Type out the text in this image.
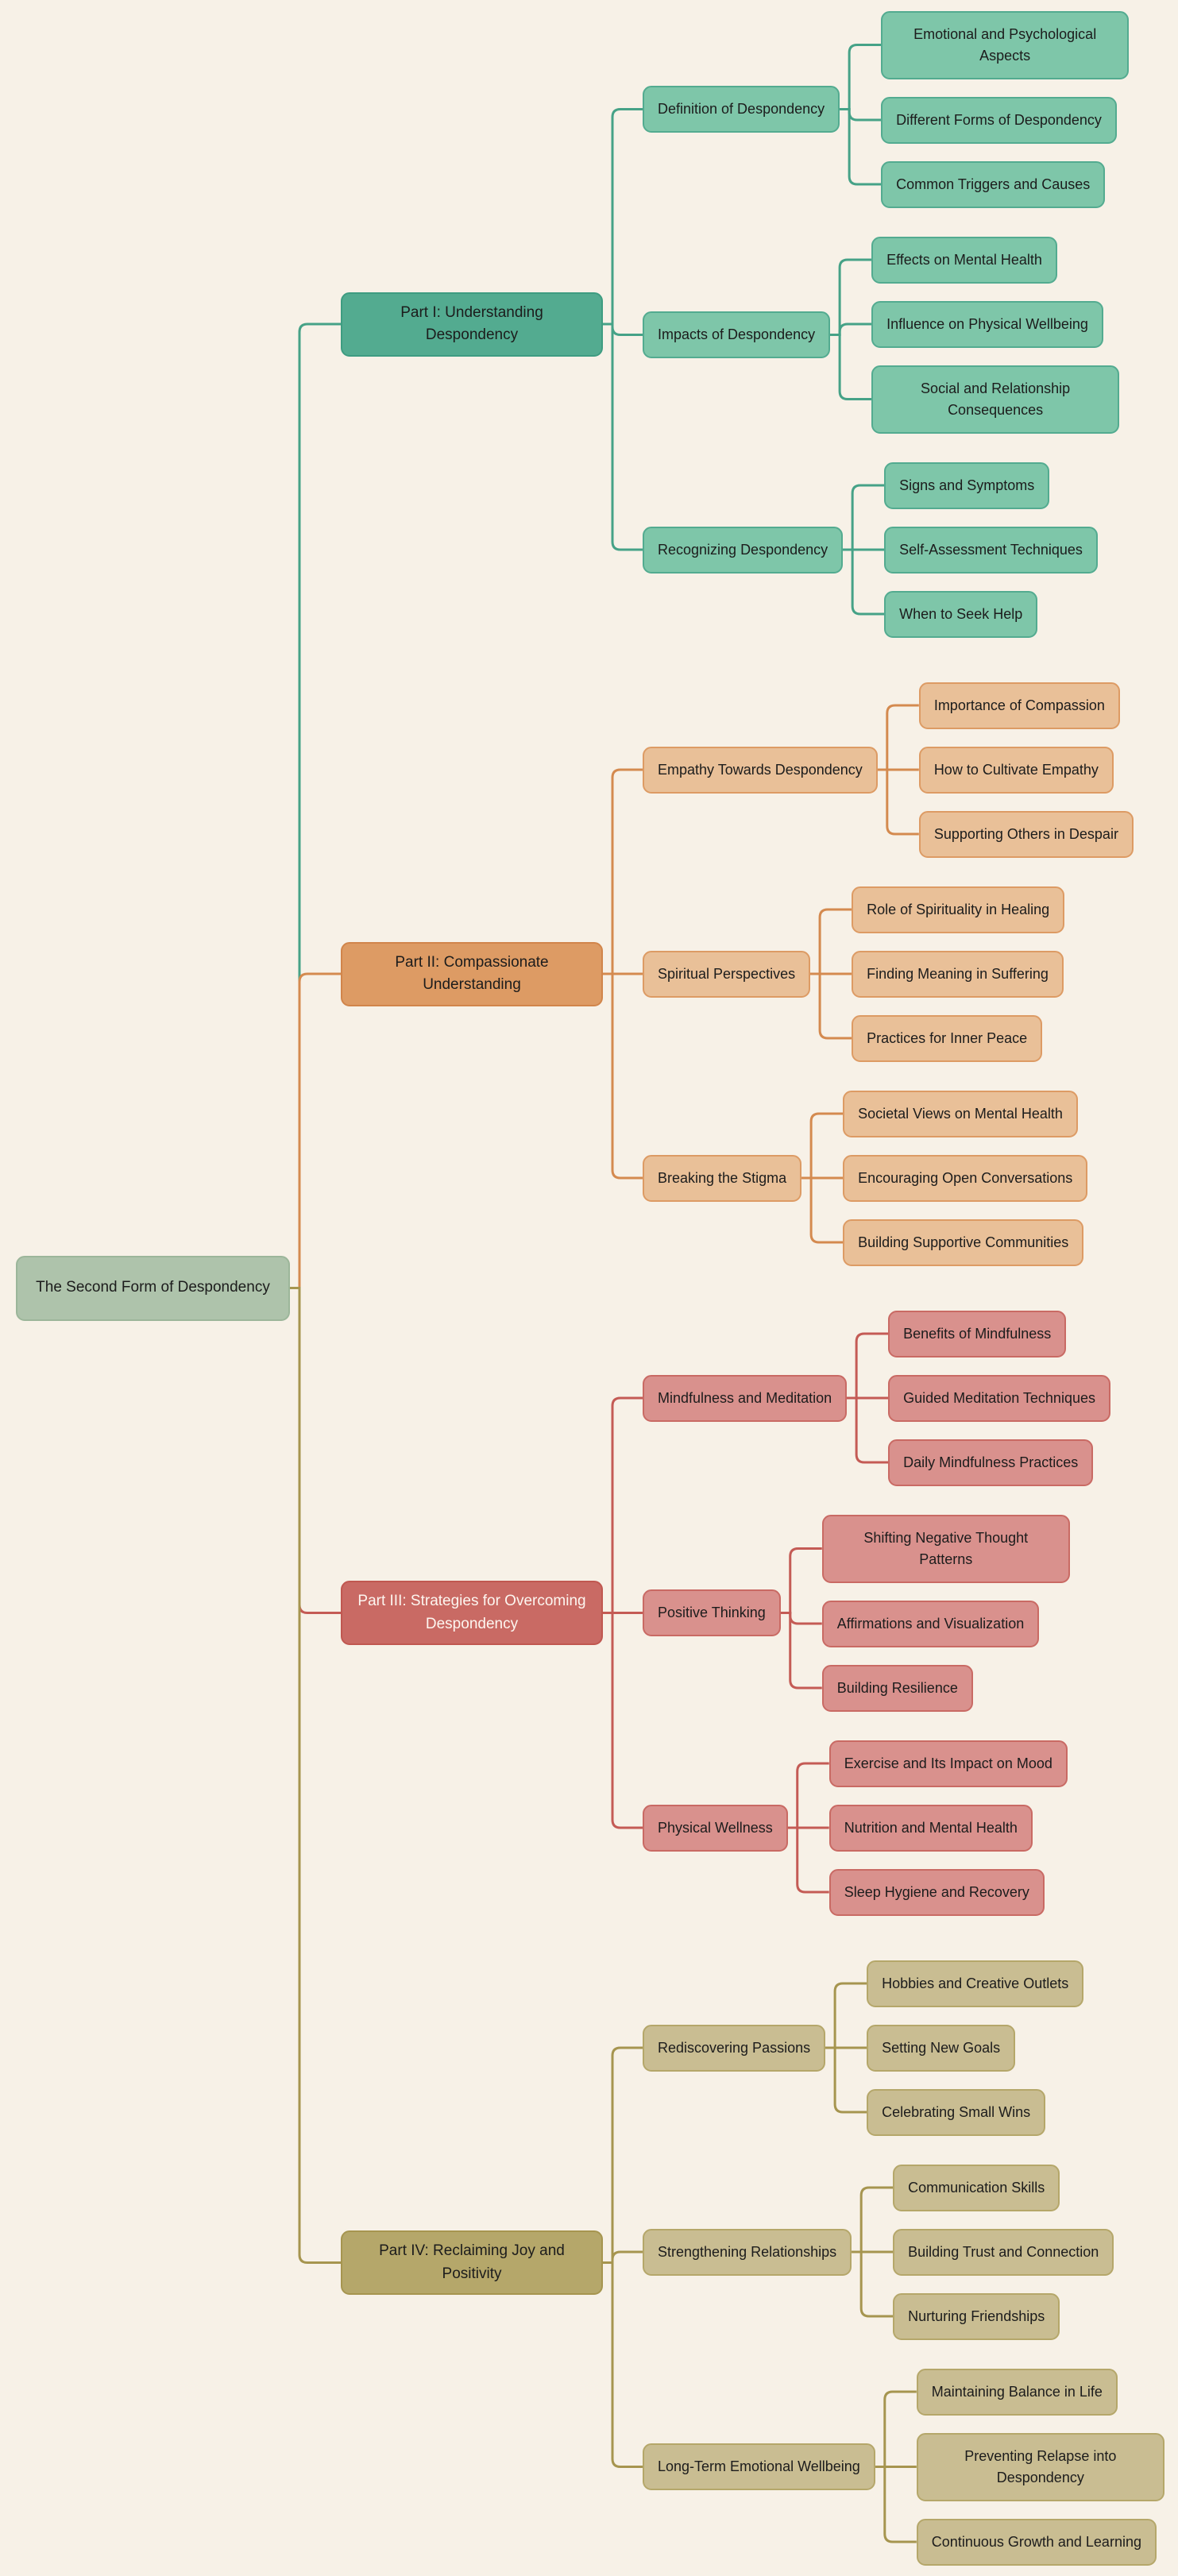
The Second Form of Despondency
Part I: Understanding Despondency
Definition of Despondency
Emotional and Psychological Aspects
Different Forms of Despondency
Common Triggers and Causes
Impacts of Despondency
Effects on Mental Health
Influence on Physical Wellbeing
Social and Relationship Consequences
Recognizing Despondency
Signs and Symptoms
Self-Assessment Techniques
When to Seek Help
Part II: Compassionate Understanding
Empathy Towards Despondency
Importance of Compassion
How to Cultivate Empathy
Supporting Others in Despair
Spiritual Perspectives
Role of Spirituality in Healing
Finding Meaning in Suffering
Practices for Inner Peace
Breaking the Stigma
Societal Views on Mental Health
Encouraging Open Conversations
Building Supportive Communities
Part III: Strategies for Overcoming Despondency
Mindfulness and Meditation
Benefits of Mindfulness
Guided Meditation Techniques
Daily Mindfulness Practices
Positive Thinking
Shifting Negative Thought Patterns
Affirmations and Visualization
Building Resilience
Physical Wellness
Exercise and Its Impact on Mood
Nutrition and Mental Health
Sleep Hygiene and Recovery
Part IV: Reclaiming Joy and Positivity
Rediscovering Passions
Hobbies and Creative Outlets
Setting New Goals
Celebrating Small Wins
Strengthening Relationships
Communication Skills
Building Trust and Connection
Nurturing Friendships
Long-Term Emotional Wellbeing
Maintaining Balance in Life
Preventing Relapse into Despondency
Continuous Growth and Learning
